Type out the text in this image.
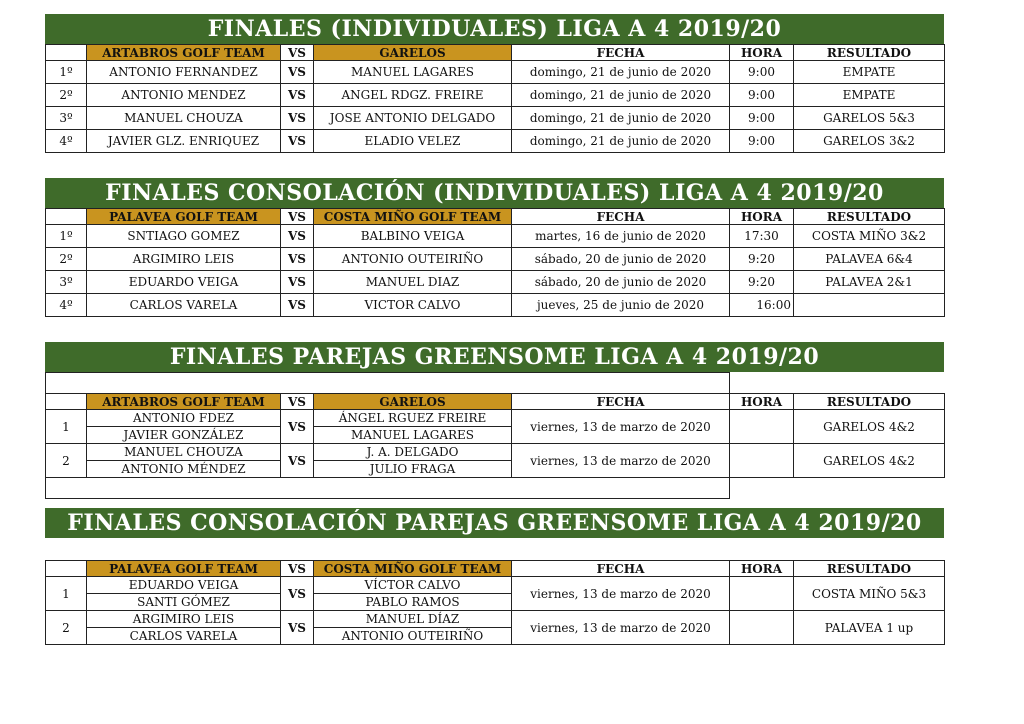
FINALES (INDIVIDUALES) LIGA A 4 2019/20
	ARTABROS GOLF TEAM	VS	GARELOS	FECHA	HORA	RESULTADO
1º	ANTONIO FERNANDEZ	VS	MANUEL LAGARES	domingo, 21 de junio de 2020	9:00	EMPATE
2º	ANTONIO MENDEZ	VS	ANGEL RDGZ. FREIRE	domingo, 21 de junio de 2020	9:00	EMPATE
3º	MANUEL CHOUZA	VS	JOSE ANTONIO DELGADO	domingo, 21 de junio de 2020	9:00	GARELOS 5&3
4º	JAVIER GLZ. ENRIQUEZ	VS	ELADIO VELEZ	domingo, 21 de junio de 2020	9:00	GARELOS 3&2
FINALES CONSOLACIÓN (INDIVIDUALES) LIGA A 4 2019/20
	PALAVEA GOLF TEAM	VS	COSTA MIÑO GOLF TEAM	FECHA	HORA	RESULTADO
1º	SNTIAGO GOMEZ	VS	BALBINO VEIGA	martes, 16 de junio de 2020	17:30	COSTA MIÑO 3&2
2º	ARGIMIRO LEIS	VS	ANTONIO OUTEIRIÑO	sábado, 20 de junio de 2020	9:20	PALAVEA 6&4
3º	EDUARDO VEIGA	VS	MANUEL DIAZ	sábado, 20 de junio de 2020	9:20	PALAVEA 2&1
4º	CARLOS VARELA	VS	VICTOR CALVO	jueves, 25 de junio de 2020	16:00	
FINALES PAREJAS GREENSOME LIGA A 4 2019/20

	ARTABROS GOLF TEAM	VS	GARELOS	FECHA	HORA	RESULTADO
1	ANTONIO FDEZ	VS	ÁNGEL RGUEZ FREIRE	viernes, 13 de marzo de 2020		GARELOS 4&2
	JAVIER GONZÁLEZ		MANUEL LAGARES			
2	MANUEL CHOUZA	VS	J. A. DELGADO	viernes, 13 de marzo de 2020		GARELOS 4&2
	ANTONIO MÉNDEZ		JULIO FRAGA			

FINALES CONSOLACIÓN PAREJAS GREENSOME LIGA A 4 2019/20
	PALAVEA GOLF TEAM	VS	COSTA MIÑO GOLF TEAM	FECHA	HORA	RESULTADO
1	EDUARDO VEIGA	VS	VÍCTOR CALVO	viernes, 13 de marzo de 2020		COSTA MIÑO 5&3
	SANTI GÓMEZ		PABLO RAMOS			
2	ARGIMIRO LEIS	VS	MANUEL DÍAZ	viernes, 13 de marzo de 2020		PALAVEA 1 up
	CARLOS VARELA		ANTONIO OUTEIRIÑO			
